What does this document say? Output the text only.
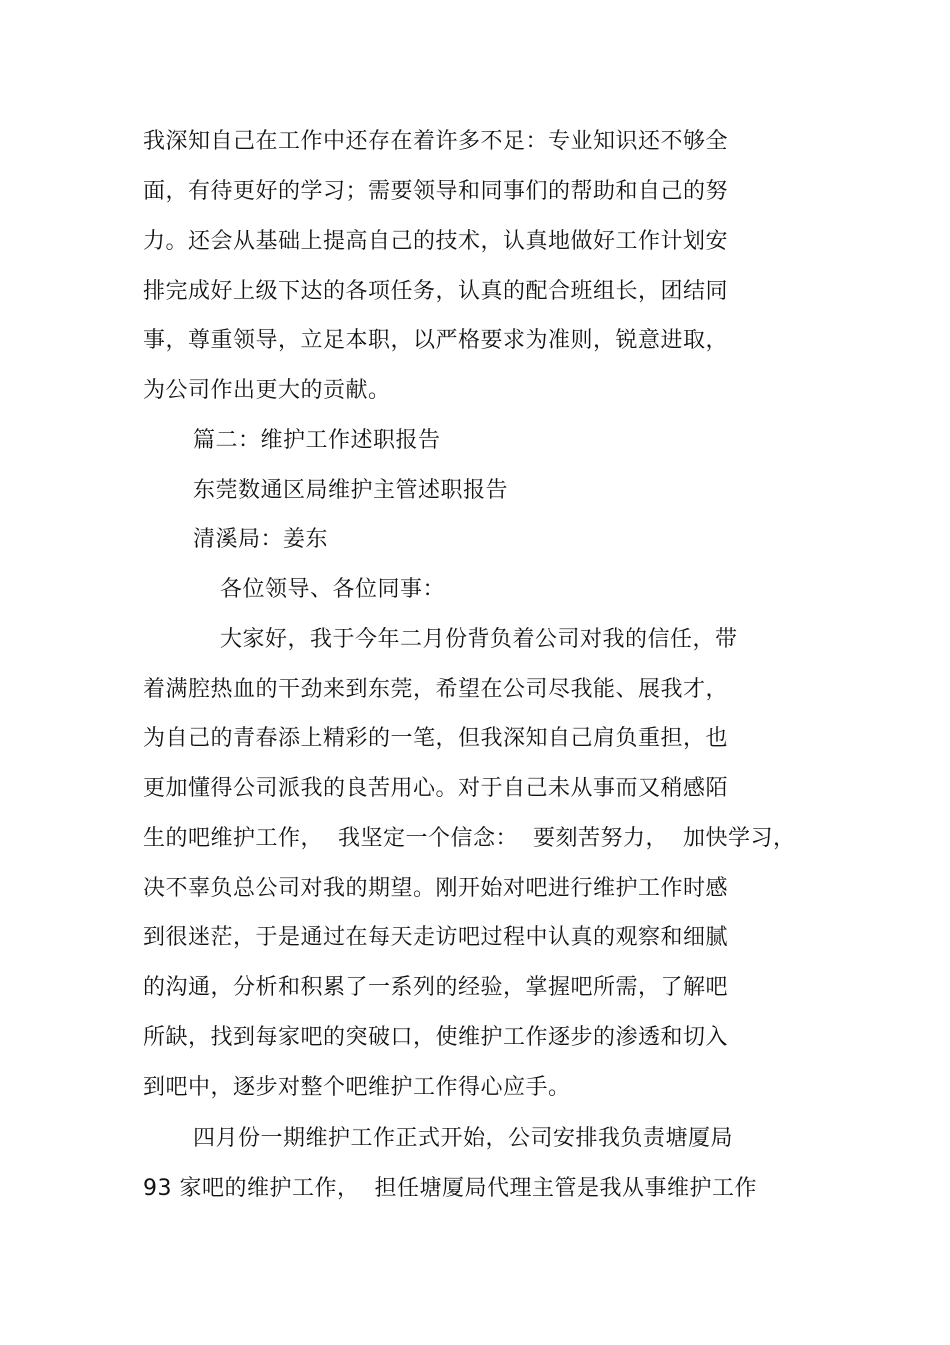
我深知自己在工作中还存在着许多不足：专业知识还不够全
面，有待更好的学习；需要领导和同事们的帮助和自己的努
力。还会从基础上提高自己的技术，认真地做好工作计划安
排完成好上级下达的各项任务，认真的配合班组长，团结同
事，尊重领导，立足本职，以严格要求为准则，锐意进取，
为公司作出更大的贡献。
篇二：维护工作述职报告
东莞数通区局维护主管述职报告
清溪局：姜东
各位领导、各位同事：
大家好，我于今年二月份背负着公司对我的信任，带
着满腔热血的干劲来到东莞，希望在公司尽我能、展我才，
为自己的青春添上精彩的一笔，但我深知自己肩负重担，也
更加懂得公司派我的良苦用心。对于自己未从事而又稍感陌
生的吧维护工作，  我坚定一个信念：  要刻苦努力，  加快学习，
决不辜负总公司对我的期望。刚开始对吧进行维护工作时感
到很迷茫，于是通过在每天走访吧过程中认真的观察和细腻
的沟通，分析和积累了一系列的经验，掌握吧所需，了解吧
所缺，找到每家吧的突破口，使维护工作逐步的渗透和切入
到吧中，逐步对整个吧维护工作得心应手。
四月份一期维护工作正式开始，公司安排我负责塘厦局
93 家吧的维护工作，  担任塘厦局代理主管是我从事维护工作
